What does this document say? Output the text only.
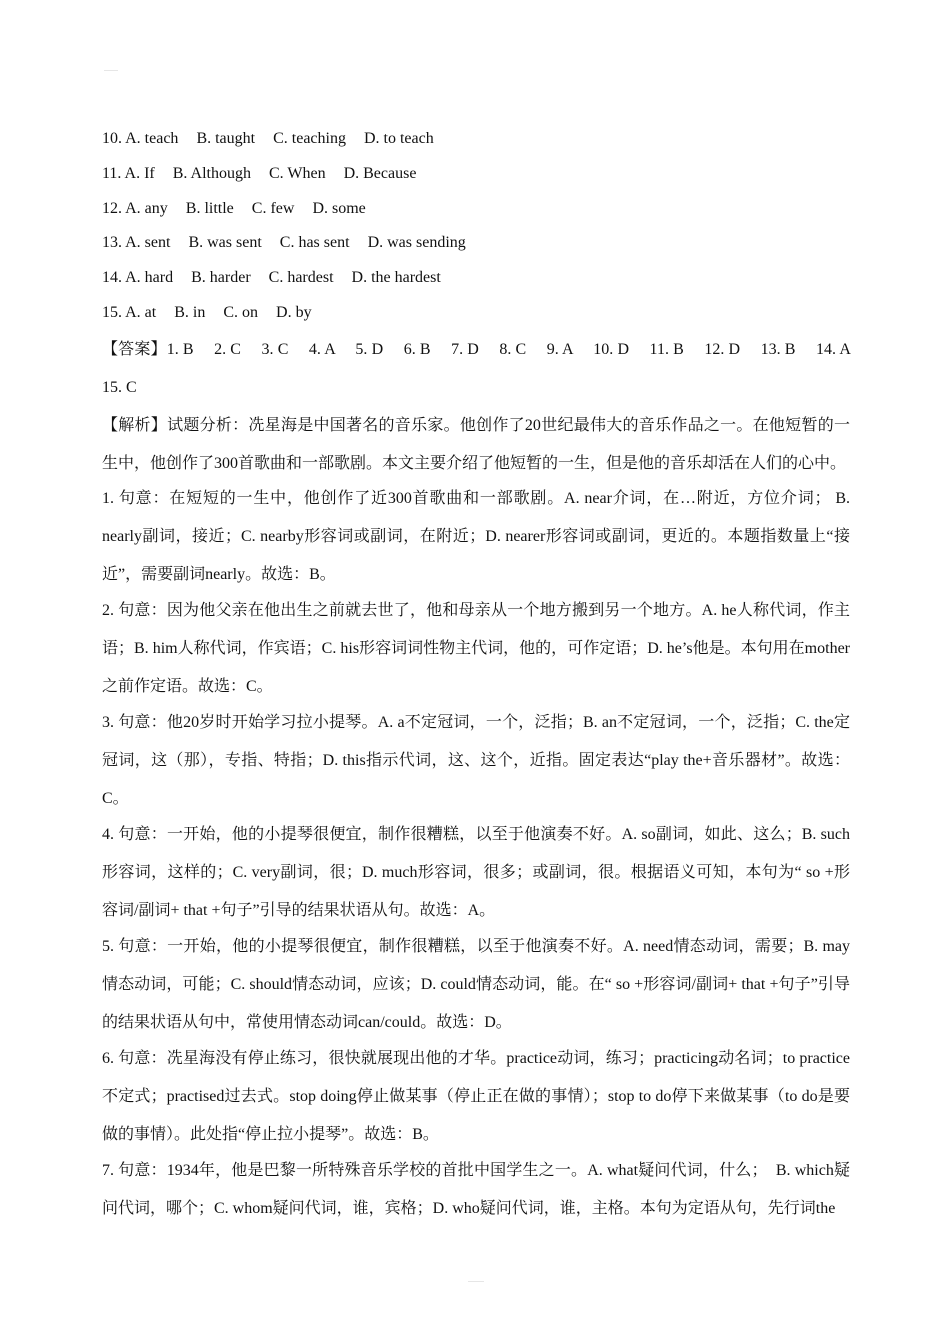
10. A. teach B. taught C. teaching D. to teach
11. A. If B. Although C. When D. Because
12. A. any B. little C. few D. some
13. A. sent B. was sent C. has sent D. was sending
14. A. hard B. harder C. hardest D. the hardest
15. A. at B. in C. on D. by

【答案】1. B　 2. C　 3. C　 4. A　 5. D　 6. B　 7. D　 8. C　 9. A　 10. D　 11. B　 12. D　 13. B　 14. A　 15. C

【解析】试题分析：冼星海是中国著名的音乐家。他创作了20世纪最伟大的音乐作品之一。在他短暂的一生中，他创作了300首歌曲和一部歌剧。本文主要介绍了他短暂的一生，但是他的音乐却活在人们的心中。

1. 句意：在短短的一生中，他创作了近300首歌曲和一部歌剧。A. near介词，在…附近，方位介词； B. nearly副词，接近；C. nearby形容词或副词，在附近；D. nearer形容词或副词，更近的。本题指数量上“接近”，需要副词nearly。故选：B。

2. 句意：因为他父亲在他出生之前就去世了，他和母亲从一个地方搬到另一个地方。A. he人称代词，作主语；B. him人称代词，作宾语；C. his形容词词性物主代词，他的，可作定语；D. he’s他是。本句用在mother之前作定语。故选：C。

3. 句意：他20岁时开始学习拉小提琴。A. a不定冠词，一个，泛指；B. an不定冠词，一个，泛指；C. the定冠词，这（那），专指、特指；D. this指示代词，这、这个，近指。固定表达“play the+音乐器材”。故选：C。

4. 句意：一开始，他的小提琴很便宜，制作很糟糕，以至于他演奏不好。A. so副词，如此、这么；B. such形容词，这样的；C. very副词，很；D. much形容词，很多；或副词，很。根据语义可知，本句为“ so +形容词/副词+ that +句子”引导的结果状语从句。故选：A。

5. 句意：一开始，他的小提琴很便宜，制作很糟糕，以至于他演奏不好。A. need情态动词，需要；B. may情态动词，可能；C. should情态动词，应该；D. could情态动词，能。在“ so +形容词/副词+ that +句子”引导的结果状语从句中，常使用情态动词can/could。故选：D。

6. 句意：冼星海没有停止练习，很快就展现出他的才华。practice动词，练习；practicing动名词；to practice不定式；practised过去式。stop doing停止做某事（停止正在做的事情）；stop to do停下来做某事（to do是要做的事情）。此处指“停止拉小提琴”。故选：B。

7. 句意：1934年，他是巴黎一所特殊音乐学校的首批中国学生之一。A. what疑问代词，什么；　B. which疑问代词，哪个；C. whom疑问代词，谁，宾格；D. who疑问代词，谁，主格。本句为定语从句，先行词the
